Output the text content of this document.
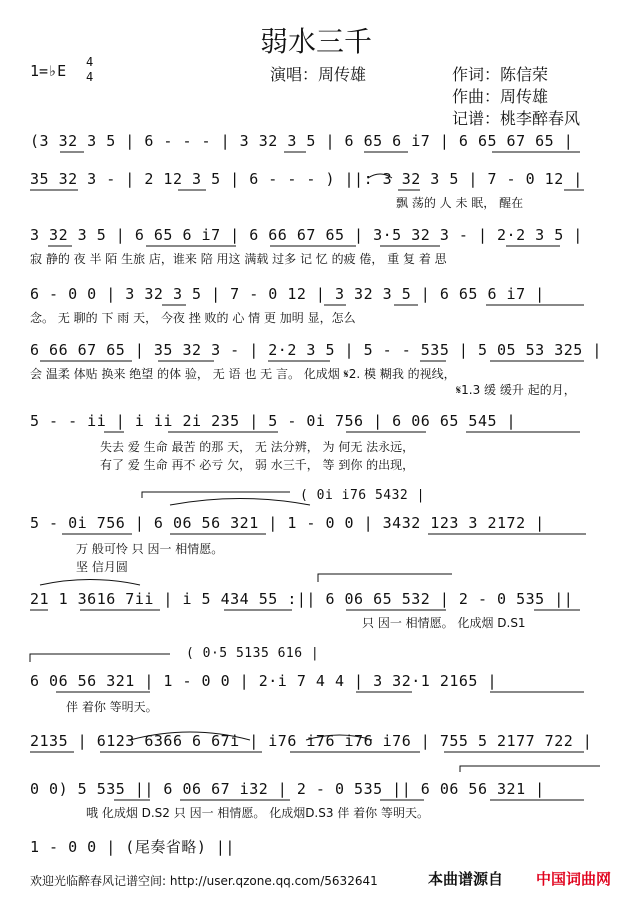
弱水三千
1=♭E 4
4	演唱：周传雄	作词：陈信荣
作曲：周传雄
记谱：桃李醉春风
(3 32 3 5 | 6 - - - | 3 32 3 5 | 6 65 6 i7 | 6 65 67 65 |
35 32 3 - | 2 12 3 5 | 6 - - - ) ||: 3 32 3 5 | 7 - 0 12 |
飘 荡的 人 未 眠， 醒在
3 32 3 5 | 6 65 6 i7 | 6 66 67 65 | 3·5 32 3 - | 2·2 3 5 |
寂 静的 夜 半 陌 生旅 店，谁来 陪 用这 满载 过多 记 忆 的疲 倦， 重 复 着 思
6 - 0 0 | 3 32 3 5 | 7 - 0 12 | 3 32 3 5 | 6 65 6 i7 |
念。 无 聊的 下 雨 天， 今夜 挫 败的 心 情 更 加明 显，怎么
6 66 67 65 | 35 32 3 - | 2·2 3 5 | 5 - - 535 | 5 05 53 325 |
会 温柔 体贴 换来 绝望 的体 验， 无 语 也 无 言。 化成烟 𝄋2. 模 糊我 的视线，
𝄋1.3 缓 缓升 起的月，
5 - - ii | i ii 2i 235 | 5 - 0i 756 | 6 06 65 545 |
失去 爱 生命 最苦 的那 天， 无 法分辨， 为 何无 法永远，
有了 爱 生命 再不 必亏 欠， 弱 水三千， 等 到你 的出现，
( 0i i76 5432 |
5 - 0i 756 | 6 06 56 321 | 1 - 0 0 | 3432 123 3 2172 |
万 般可怜 只 因一 相情愿。
坚 信月圆
21 1 3616 7ii | i 5 434 55 :|| 6 06 65 532 | 2 - 0 535 ||
只 因一 相情愿。 化成烟 D.S1
( 0·5 5135 616 |
6 06 56 321 | 1 - 0 0 | 2·i 7 4 4 | 3 32·1 2165 |
伴 着你 等明天。
2135 | 6123 6366 6 67i | i76 i76 i76 i76 | 755 5 2177 722 |
0 0) 5 535 || 6 06 67 i32 | 2 - 0 535 || 6 06 56 321 |
哦 化成烟 D.S2 只 因一 相情愿。 化成烟D.S3 伴 着你 等明天。
1 - 0 0 | (尾奏省略) ||
欢迎光临醉春风记谱空间: http://user.qzone.qq.com/5632641	本曲谱源自 中国词曲网
